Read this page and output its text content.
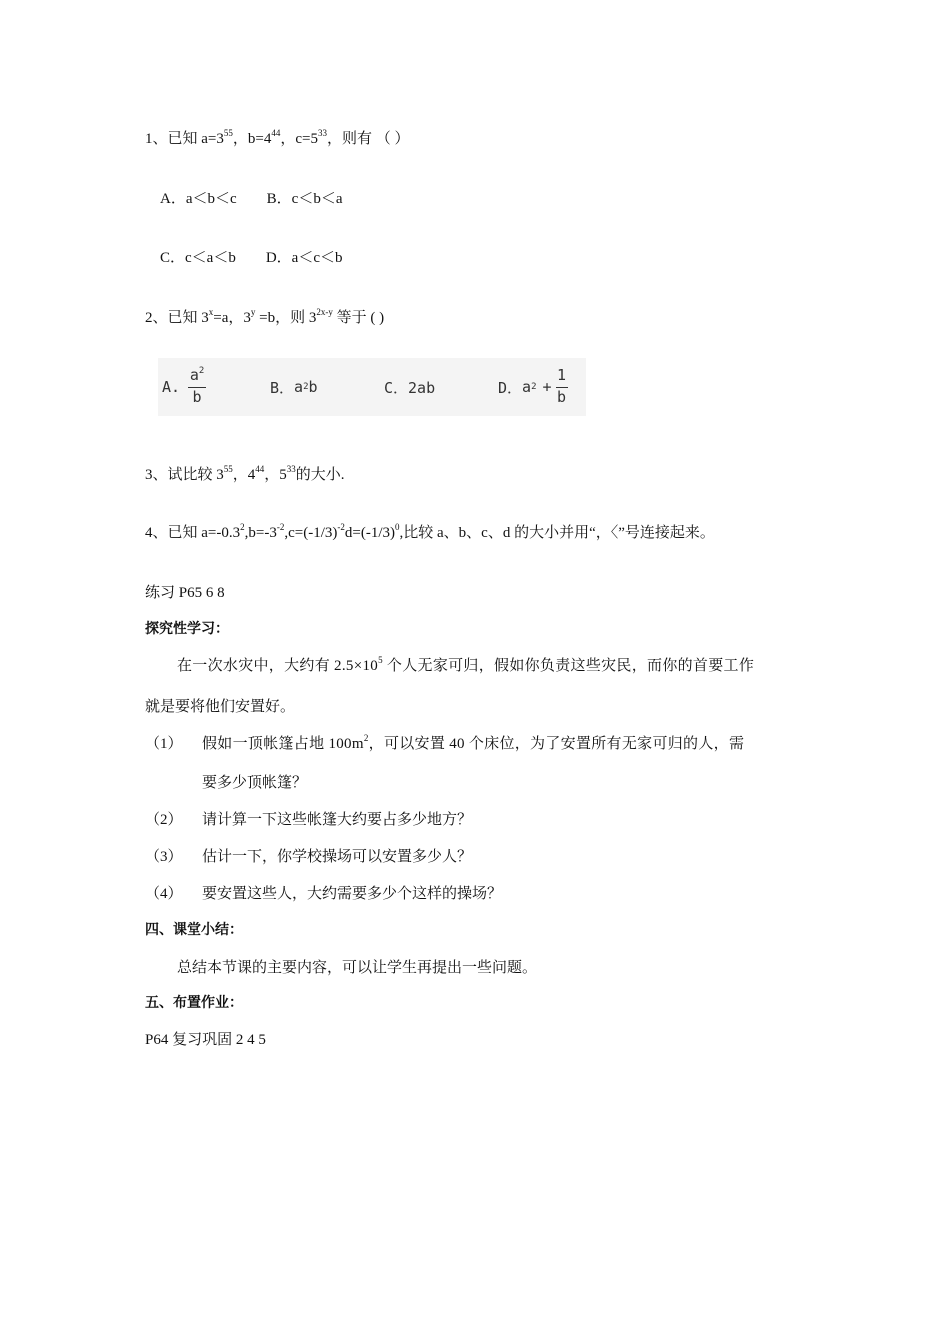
1、已知 $a=3^{55}$，$b=4^{44}$，$c=5^{33}$，则有 （ ）
A．a＜b＜c B．c＜b＜a
C．c＜a＜b D．a＜c＜b
2、已知 $3^x=a$，$3^y =b$，则 $3^{2x-y}$ 等于 ( )
A. $\frac{a^2}{b}$	B． a 2 b	C．2ab	D． a $2 + \frac{1}{b}$
3、试比较 $3^{55}$，$4^{44}$，$5^{33}$的大小.
4、已知 $a=-0.3^2,b=-3^{-2},c=(-1/3)^{-2}d=(-1/3)^0$,比较 a、b、c、d 的大小并用“，〈”号连接起来。
练习 P65 6 8
探究性学习：
在一次水灾中，大约有 $2.5\times 10^5$ 个人无家可归，假如你负责这些灾民，而你的首要工作
就是要将他们安置好。
（1） 假如一顶帐篷占地 $100m^2$，可以安置 40 个床位，为了安置所有无家可归的人，需
要多少顶帐篷？
（2） 请计算一下这些帐篷大约要占多少地方？
（3） 估计一下，你学校操场可以安置多少人？
（4） 要安置这些人，大约需要多少个这样的操场？
四、课堂小结：
总结本节课的主要内容，可以让学生再提出一些问题。
五、布置作业：
P64 复习巩固 2 4 5
